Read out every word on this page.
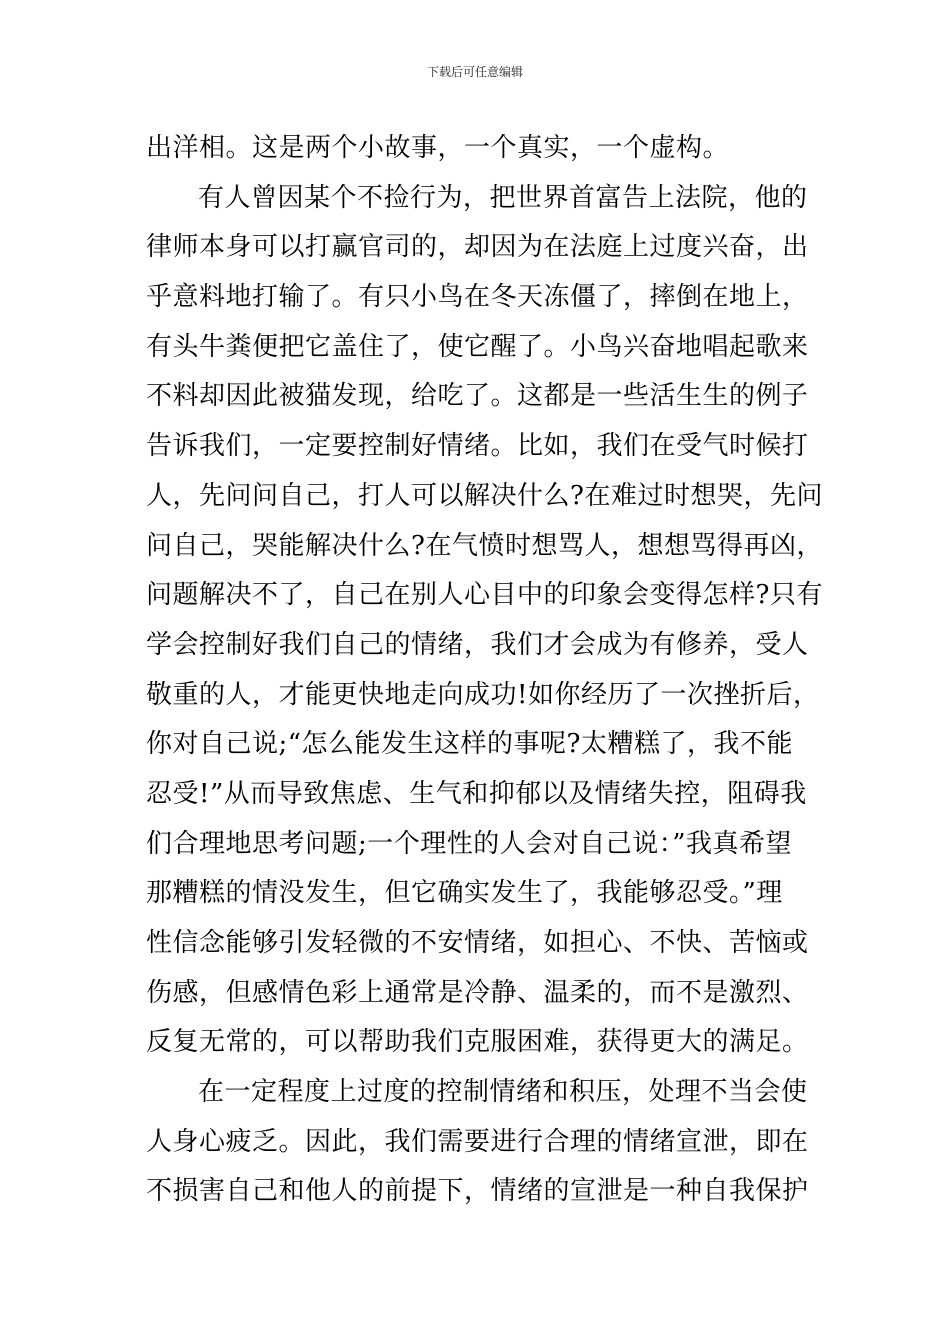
下载后可任意编辑
出洋相。这是两个小故事，一个真实，一个虚构。
有人曾因某个不捡行为，把世界首富告上法院，他的
律师本身可以打赢官司的，却因为在法庭上过度兴奋，出
乎意料地打输了。有只小鸟在冬天冻僵了，摔倒在地上，
有头牛粪便把它盖住了，使它醒了。小鸟兴奋地唱起歌来
不料却因此被猫发现，给吃了。这都是一些活生生的例子
告诉我们，一定要控制好情绪。比如，我们在受气时候打
人，先问问自己，打人可以解决什么?在难过时想哭，先问
问自己，哭能解决什么?在气愤时想骂人，想想骂得再凶，
问题解决不了，自己在别人心目中的印象会变得怎样?只有
学会控制好我们自己的情绪，我们才会成为有修养，受人
敬重的人，才能更快地走向成功!如你经历了一次挫折后，
你对自己说;“怎么能发生这样的事呢?太糟糕了，我不能
忍受!”从而导致焦虑、生气和抑郁以及情绪失控，阻碍我
们合理地思考问题;一个理性的人会对自己说：”我真希望
那糟糕的情没发生，但它确实发生了，我能够忍受。”理
性信念能够引发轻微的不安情绪，如担心、不快、苦恼或
伤感，但感情色彩上通常是冷静、温柔的，而不是激烈、
反复无常的，可以帮助我们克服困难，获得更大的满足。
在一定程度上过度的控制情绪和积压，处理不当会使
人身心疲乏。因此，我们需要进行合理的情绪宣泄，即在
不损害自己和他人的前提下，情绪的宣泄是一种自我保护
